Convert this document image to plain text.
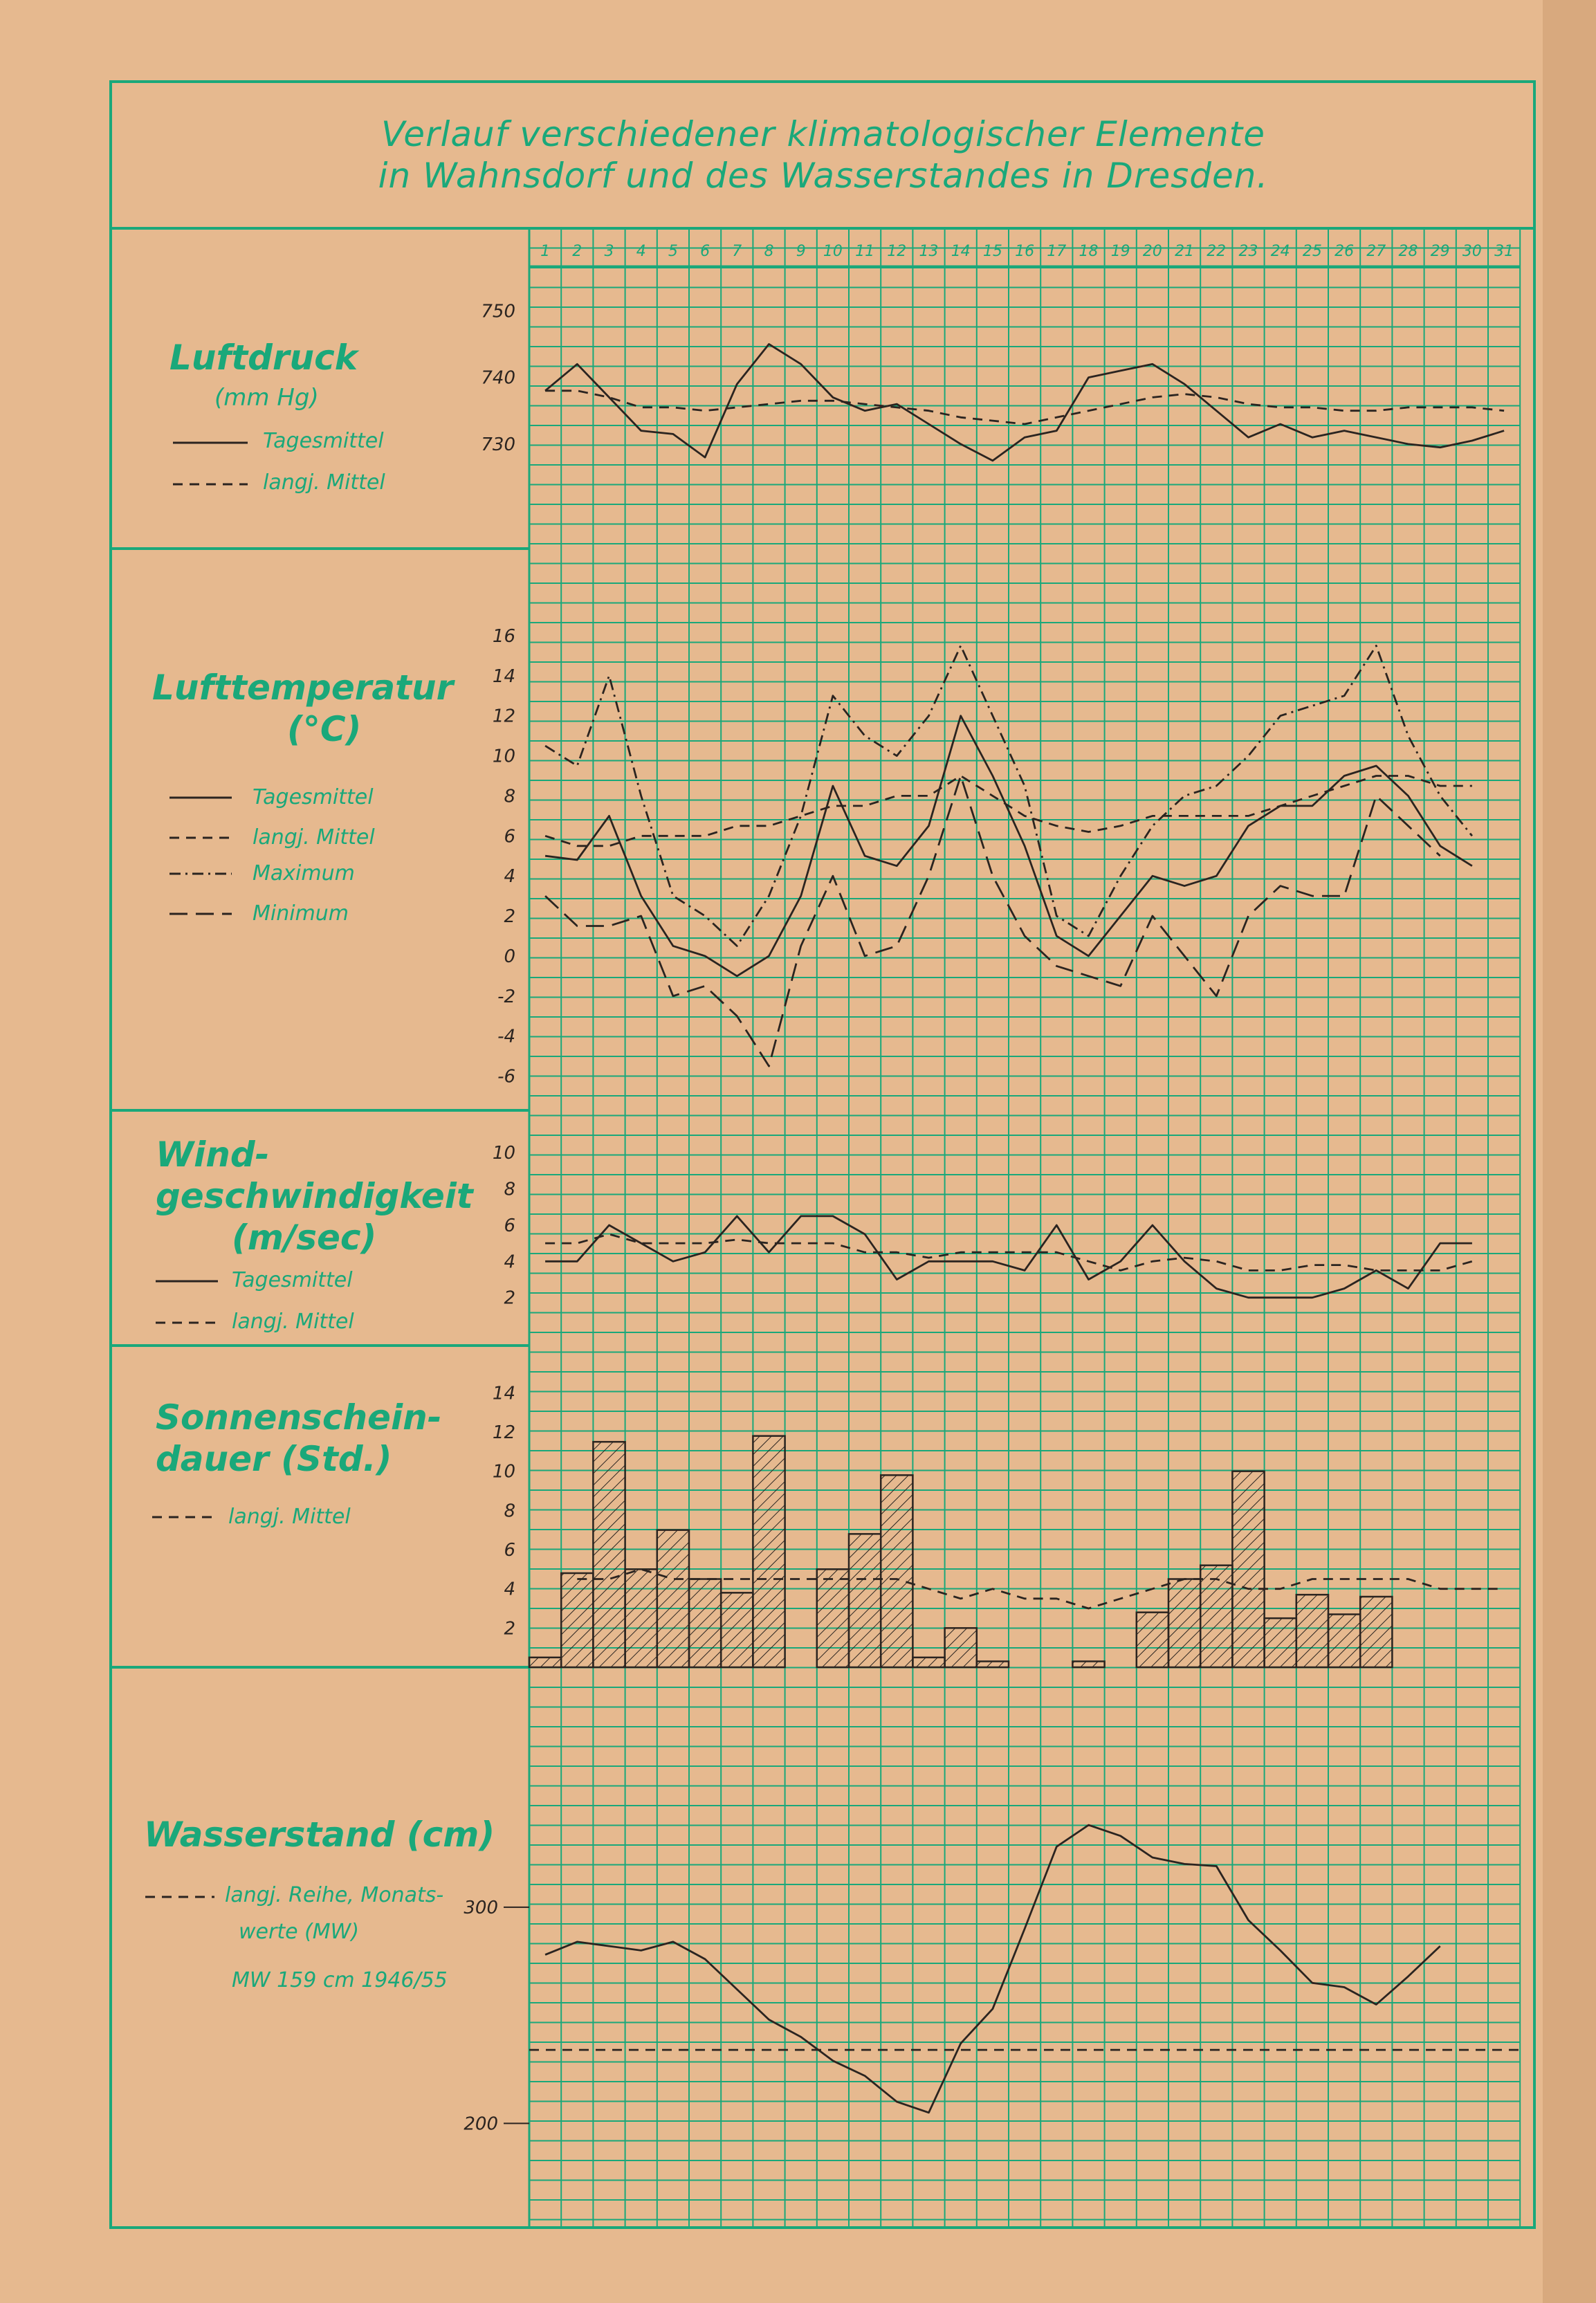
1 2 3 4 5 6 7 8 9 10 11 12 13 14 15 16 17 18 19 20 21 22 23 24 25 26 27 28 29 30 31
730
740
750
-6
-4
-2
0
2
4
6
8
10
12
14
16
2
4
6
8
10
2
4
6
8
10
12
14
200
300
Verlauf verschiedener klimatologischer Elemente
in Wahnsdorf und des Wasserstandes in Dresden.
Luftdruck
(mm Hg)
Tagesmittel
langj. Mittel
Lufttemperatur
(°C)
Tagesmittel
langj. Mittel
Maximum
Minimum
Wind-
geschwindigkeit
(m/sec)
Tagesmittel
langj. Mittel
Sonnenschein-
dauer (Std.)
langj. Mittel
Wasserstand (cm)
langj. Reihe, Monats-
werte (MW)
MW 159 cm 1946/55
